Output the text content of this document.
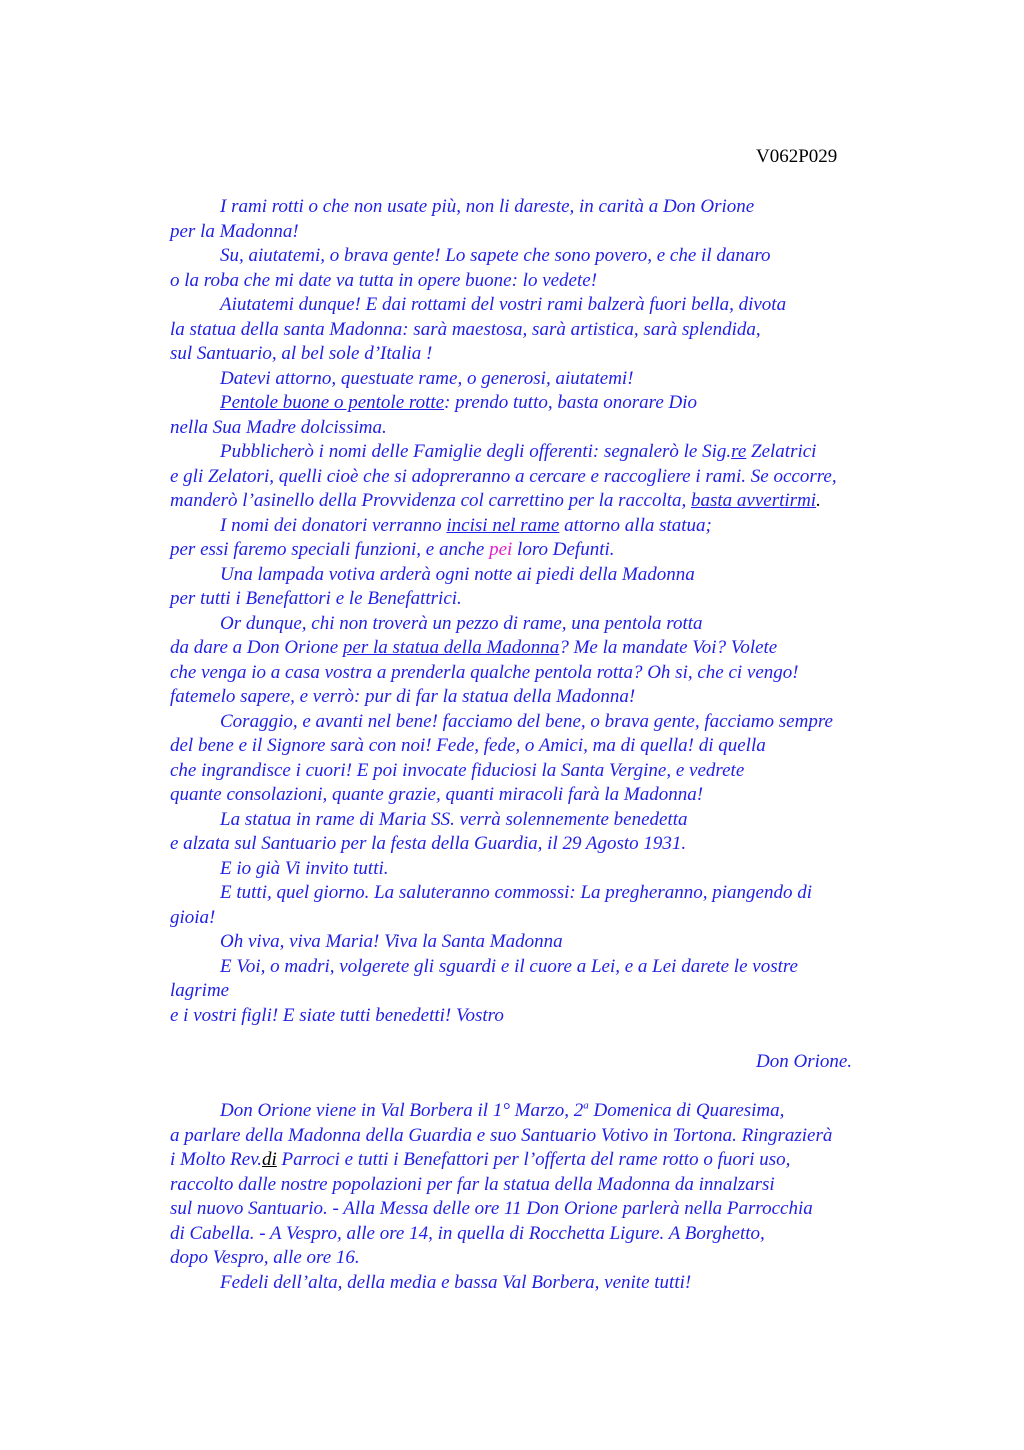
V062P029
I rami rotti o che non usate più, non li dareste, in carità a Don Orione
per la Madonna!
Su, aiutatemi, o brava gente! Lo sapete che sono povero, e che il danaro
o la roba che mi date va tutta in opere buone: lo vedete!
Aiutatemi dunque! E dai rottami del vostri rami balzerà fuori bella, divota
la statua della santa Madonna: sarà maestosa, sarà artistica, sarà splendida,
sul Santuario, al bel sole d’Italia !
Datevi attorno, questuate rame, o generosi, aiutatemi!
Pentole buone o pentole rotte: prendo tutto, basta onorare Dio
nella Sua Madre dolcissima.
Pubblicherò i nomi delle Famiglie degli offerenti: segnalerò le Sig.re Zelatrici
e gli Zelatori, quelli cioè che si adopreranno a cercare e raccogliere i rami. Se occorre,
manderò l’asinello della Provvidenza col carrettino per la raccolta, basta avvertirmi.
I nomi dei donatori verranno incisi nel rame attorno alla statua;
per essi faremo speciali funzioni, e anche pei loro Defunti.
Una lampada votiva arderà ogni notte ai piedi della Madonna
per tutti i Benefattori e le Benefattrici.
Or dunque, chi non troverà un pezzo di rame, una pentola rotta
da dare a Don Orione per la statua della Madonna? Me la mandate Voi? Volete
che venga io a casa vostra a prenderla qualche pentola rotta? Oh si, che ci vengo!
fatemelo sapere, e verrò: pur di far la statua della Madonna!
Coraggio, e avanti nel bene! facciamo del bene, o brava gente, facciamo sempre
del bene e il Signore sarà con noi! Fede, fede, o Amici, ma di quella! di quella
che ingrandisce i cuori! E poi invocate fiduciosi la Santa Vergine, e vedrete
quante consolazioni, quante grazie, quanti miracoli farà la Madonna!
La statua in rame di Maria SS. verrà solennemente benedetta
e alzata sul Santuario per la festa della Guardia, il 29 Agosto 1931.
E io già Vi invito tutti.
E tutti, quel giorno. La saluteranno commossi: La pregheranno, piangendo di
gioia!
Oh viva, viva Maria! Viva la Santa Madonna
E Voi, o madri, volgerete gli sguardi e il cuore a Lei, e a Lei darete le vostre
lagrime
e i vostri figli! E siate tutti benedetti! Vostro
Don Orione.
Don Orione viene in Val Borbera il 1° Marzo, 2$^a$ Domenica di Quaresima,
a parlare della Madonna della Guardia e suo Santuario Votivo in Tortona. Ringrazierà
i Molto Rev.di Parroci e tutti i Benefattori per l’offerta del rame rotto o fuori uso,
raccolto dalle nostre popolazioni per far la statua della Madonna da innalzarsi
sul nuovo Santuario. - Alla Messa delle ore 11 Don Orione parlerà nella Parrocchia
di Cabella. - A Vespro, alle ore 14, in quella di Rocchetta Ligure. A Borghetto,
dopo Vespro, alle ore 16.
Fedeli dell’alta, della media e bassa Val Borbera, venite tutti!
